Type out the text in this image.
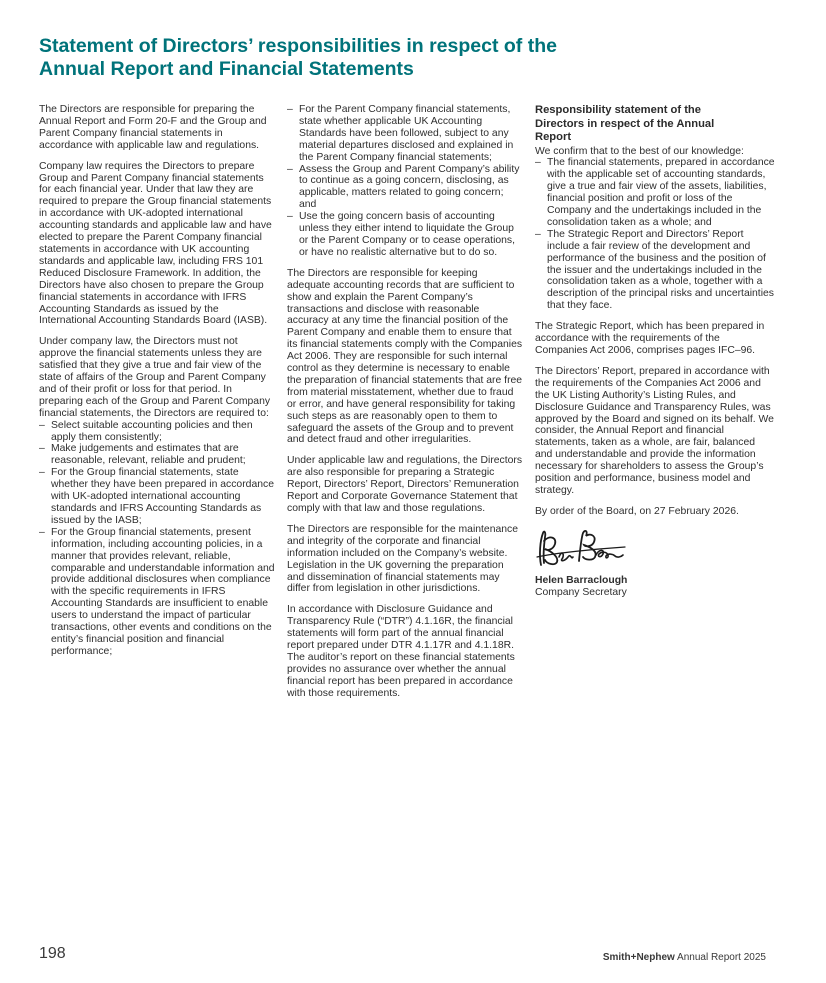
Statement of Directors’ responsibilities in respect of the Annual Report and Financial Statements

The Directors are responsible for preparing the Annual Report and Form 20-F and the Group and Parent Company financial statements in accordance with applicable law and regulations.

Company law requires the Directors to prepare Group and Parent Company financial statements for each financial year. Under that law they are required to prepare the Group financial statements in accordance with UK-adopted international accounting standards and applicable law and have elected to prepare the Parent Company financial statements in accordance with UK accounting standards and applicable law, including FRS 101 Reduced Disclosure Framework. In addition, the Directors have also chosen to prepare the Group financial statements in accordance with IFRS Accounting Standards as issued by the International Accounting Standards Board (IASB).

Under company law, the Directors must not approve the financial statements unless they are satisfied that they give a true and fair view of the state of affairs of the Group and Parent Company and of their profit or loss for that period. In preparing each of the Group and Parent Company financial statements, the Directors are required to:

– Select suitable accounting policies and then apply them consistently;
– Make judgements and estimates that are reasonable, relevant, reliable and prudent;
– For the Group financial statements, state whether they have been prepared in accordance with UK-adopted international accounting standards and IFRS Accounting Standards as issued by the IASB;
– For the Group financial statements, present information, including accounting policies, in a manner that provides relevant, reliable, comparable and understandable information and provide additional disclosures when compliance with the specific requirements in IFRS Accounting Standards are insufficient to enable users to understand the impact of particular transactions, other events and conditions on the entity’s financial position and financial performance;
– For the Parent Company financial statements, state whether applicable UK Accounting Standards have been followed, subject to any material departures disclosed and explained in the Parent Company financial statements;
– Assess the Group and Parent Company’s ability to continue as a going concern, disclosing, as applicable, matters related to going concern; and
– Use the going concern basis of accounting unless they either intend to liquidate the Group or the Parent Company or to cease operations, or have no realistic alternative but to do so.

The Directors are responsible for keeping adequate accounting records that are sufficient to show and explain the Parent Company’s transactions and disclose with reasonable accuracy at any time the financial position of the Parent Company and enable them to ensure that its financial statements comply with the Companies Act 2006. They are responsible for such internal control as they determine is necessary to enable the preparation of financial statements that are free from material misstatement, whether due to fraud or error, and have general responsibility for taking such steps as are reasonably open to them to safeguard the assets of the Group and to prevent and detect fraud and other irregularities.

Under applicable law and regulations, the Directors are also responsible for preparing a Strategic Report, Directors’ Report, Directors’ Remuneration Report and Corporate Governance Statement that comply with that law and those regulations.

The Directors are responsible for the maintenance and integrity of the corporate and financial information included on the Company’s website. Legislation in the UK governing the preparation and dissemination of financial statements may differ from legislation in other jurisdictions.

In accordance with Disclosure Guidance and Transparency Rule (“DTR”) 4.1.16R, the financial statements will form part of the annual financial report prepared under DTR 4.1.17R and 4.1.18R. The auditor’s report on these financial statements provides no assurance over whether the annual financial report has been prepared in accordance with those requirements.

Responsibility statement of the Directors in respect of the Annual Report

We confirm that to the best of our knowledge:

– The financial statements, prepared in accordance with the applicable set of accounting standards, give a true and fair view of the assets, liabilities, financial position and profit or loss of the Company and the undertakings included in the consolidation taken as a whole; and
– The Strategic Report and Directors’ Report include a fair review of the development and performance of the business and the position of the issuer and the undertakings included in the consolidation taken as a whole, together with a description of the principal risks and uncertainties that they face.

The Strategic Report, which has been prepared in accordance with the requirements of the Companies Act 2006, comprises pages IFC–96.

The Directors’ Report, prepared in accordance with the requirements of the Companies Act 2006 and the UK Listing Authority’s Listing Rules, and Disclosure Guidance and Transparency Rules, was approved by the Board and signed on its behalf. We consider, the Annual Report and financial statements, taken as a whole, are fair, balanced and understandable and provide the information necessary for shareholders to assess the Group’s position and performance, business model and strategy.

By order of the Board, on 27 February 2026.

Helen Barraclough

Company Secretary

198	Smith+Nephew Annual Report 2025
